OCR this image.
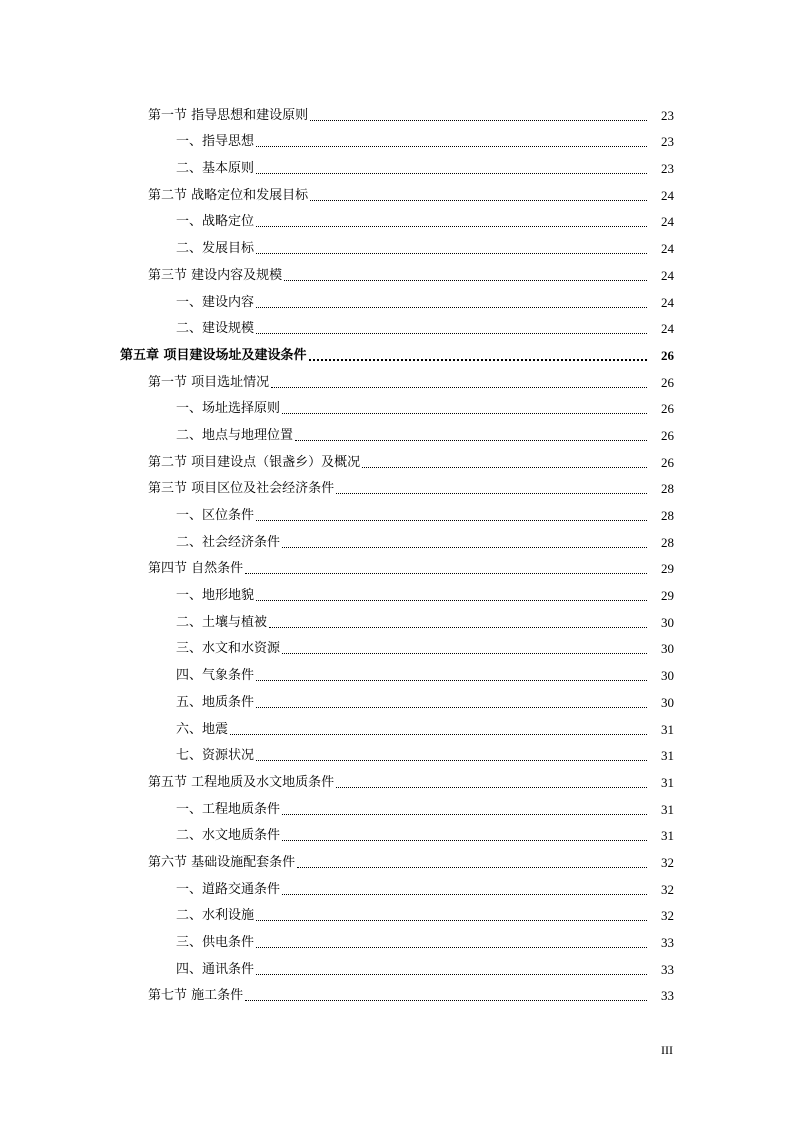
第一节 指导思想和建设原则	23
一、指导思想	23
二、基本原则	23
第二节 战略定位和发展目标	24
一、战略定位	24
二、发展目标	24
第三节 建设内容及规模	24
一、建设内容	24
二、建设规模	24
第五章 项目建设场址及建设条件	26
第一节 项目选址情况	26
一、场址选择原则	26
二、地点与地理位置	26
第二节 项目建设点（银盏乡）及概况	26
第三节 项目区位及社会经济条件	28
一、区位条件	28
二、社会经济条件	28
第四节 自然条件	29
一、地形地貌	29
二、土壤与植被	30
三、水文和水资源	30
四、气象条件	30
五、地质条件	30
六、地震	31
七、资源状况	31
第五节 工程地质及水文地质条件	31
一、工程地质条件	31
二、水文地质条件	31
第六节 基础设施配套条件	32
一、道路交通条件	32
二、水利设施	32
三、供电条件	33
四、通讯条件	33
第七节 施工条件	33
III
